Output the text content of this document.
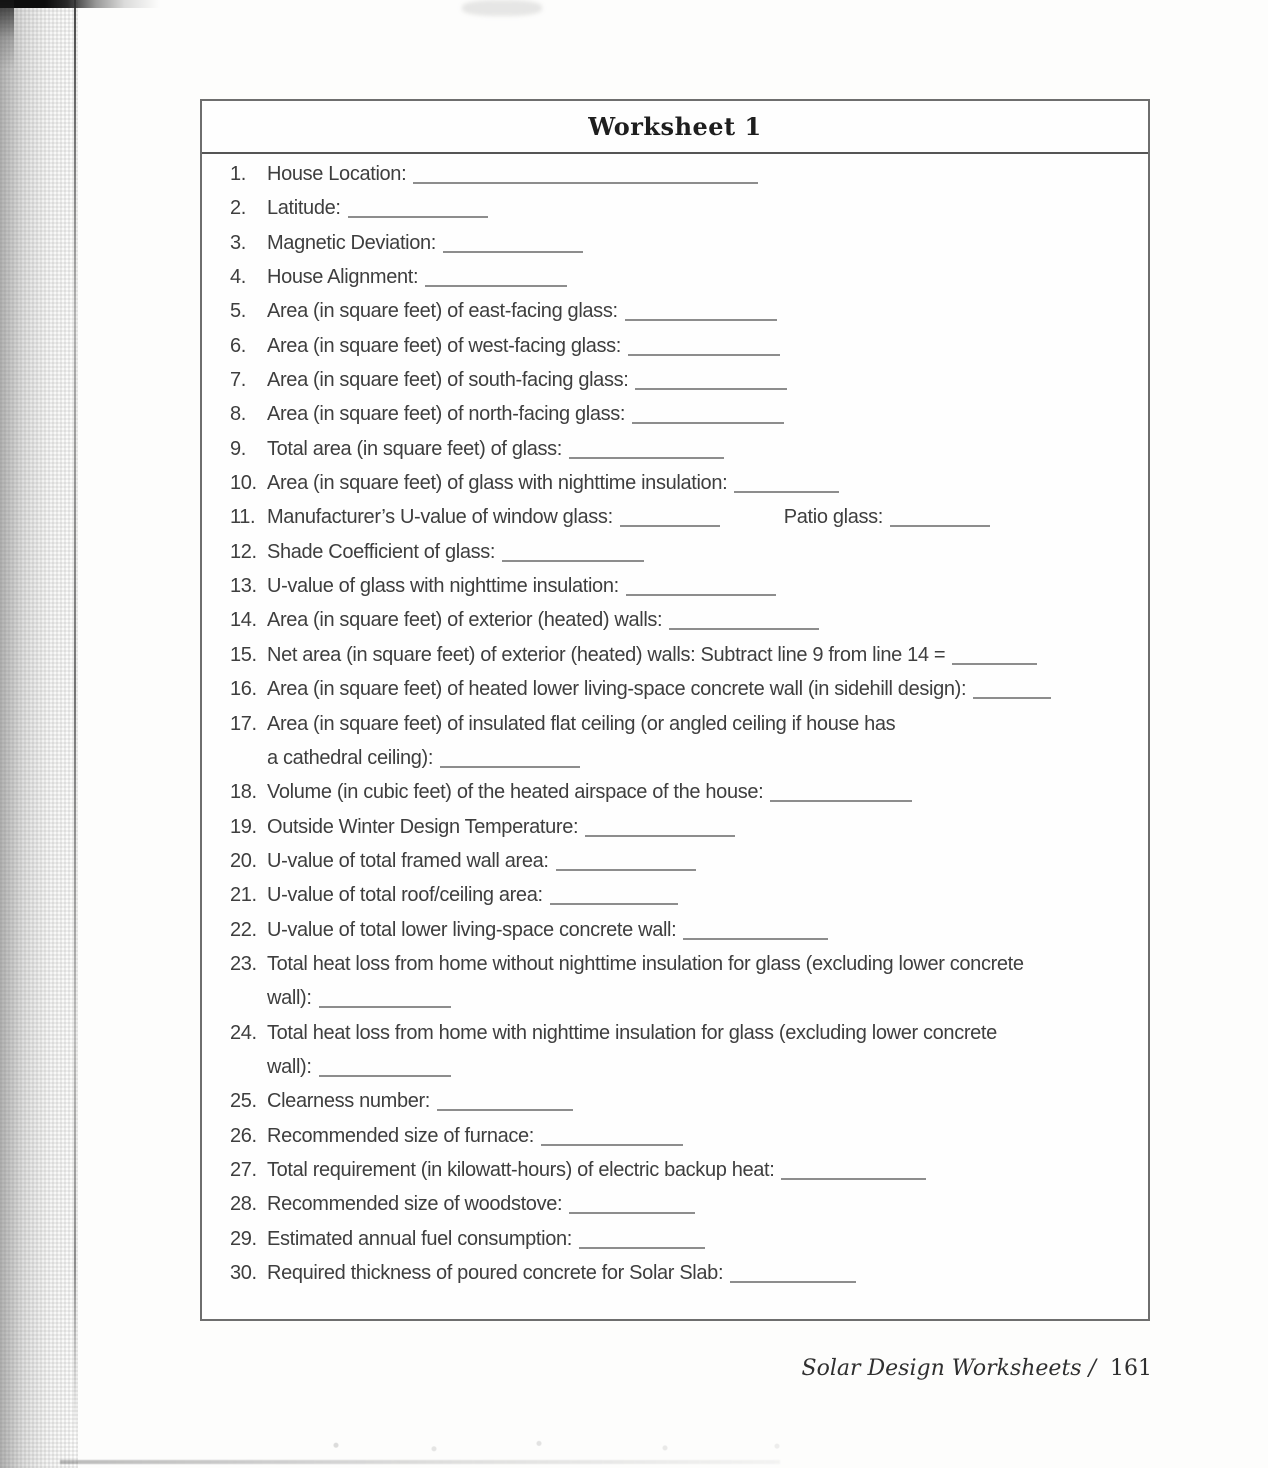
Worksheet 1
1. House Location:
2. Latitude:
3. Magnetic Deviation:
4. House Alignment:
5. Area (in square feet) of east-facing glass:
6. Area (in square feet) of west-facing glass:
7. Area (in square feet) of south-facing glass:
8. Area (in square feet) of north-facing glass:
9. Total area (in square feet) of glass:
10. Area (in square feet) of glass with nighttime insulation:
11. Manufacturer’s U-value of window glass:	Patio glass:
12. Shade Coefficient of glass:
13. U-value of glass with nighttime insulation:
14. Area (in square feet) of exterior (heated) walls:
15. Net area (in square feet) of exterior (heated) walls: Subtract line 9 from line 14 =
16. Area (in square feet) of heated lower living-space concrete wall (in sidehill design):
17. Area (in square feet) of insulated flat ceiling (or angled ceiling if house has
a cathedral ceiling):
18. Volume (in cubic feet) of the heated airspace of the house:
19. Outside Winter Design Temperature:
20. U-value of total framed wall area:
21. U-value of total roof/ceiling area:
22. U-value of total lower living-space concrete wall:
23. Total heat loss from home without nighttime insulation for glass (excluding lower concrete
wall):
24. Total heat loss from home with nighttime insulation for glass (excluding lower concrete
wall):
25. Clearness number:
26. Recommended size of furnace:
27. Total requirement (in kilowatt-hours) of electric backup heat:
28. Recommended size of woodstove:
29. Estimated annual fuel consumption:
30. Required thickness of poured concrete for Solar Slab:
Solar Design Worksheets / 161
